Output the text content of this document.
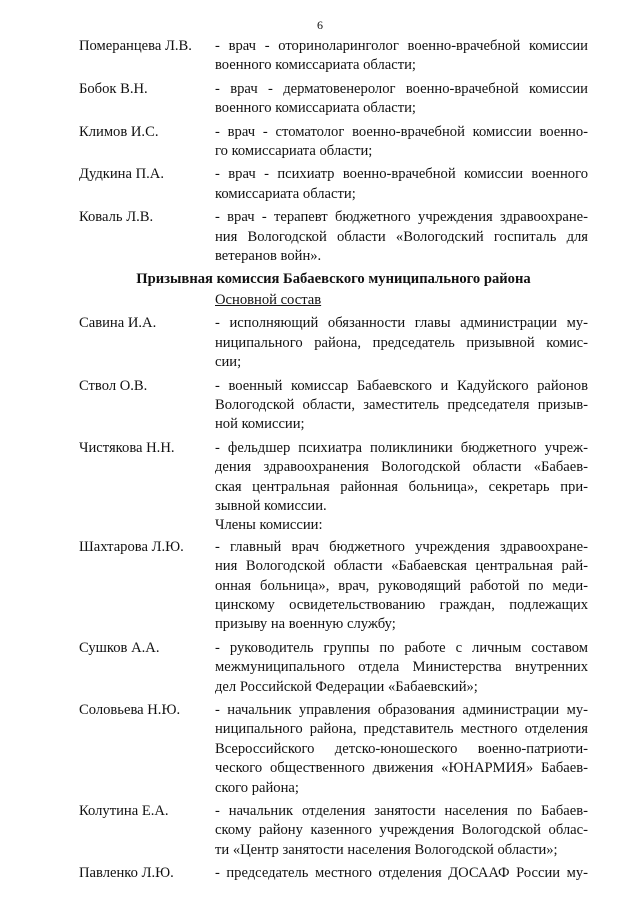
6
Померанцева Л.В.	- врач - оториноларинголог военно-врачебной комиссии

военного комиссариата области;

Бобок В.Н.	- врач - дерматовенеролог военно-врачебной комиссии

военного комиссариата области;

Климов И.С.	- врач - стоматолог военно-врачебной комиссии военно-

го комиссариата области;

Дудкина П.А.	- врач - психиатр военно-врачебной комиссии военного

комиссариата области;

Коваль Л.В.	- врач - терапевт бюджетного учреждения здравоохране-

ния Вологодской области «Вологодский госпиталь для

ветеранов войн».

Призывная комиссия Бабаевского муниципального района
Основной состав
Савина И.А.	- исполняющий обязанности главы администрации му-

ниципального района, председатель призывной комис-

сии;

Ствол О.В.	- военный комиссар Бабаевского и Кадуйского районов

Вологодской области, заместитель председателя призыв-

ной комиссии;

Чистякова Н.Н.	- фельдшер психиатра поликлиники бюджетного учреж-

дения здравоохранения Вологодской области «Бабаев-

ская центральная районная больница», секретарь при-

зывной комиссии.

Члены комиссии:
Шахтарова Л.Ю.	- главный врач бюджетного учреждения здравоохране-

ния Вологодской области «Бабаевская центральная рай-

онная больница», врач, руководящий работой по меди-

цинскому освидетельствованию граждан, подлежащих

призыву на военную службу;

Сушков А.А.	- руководитель группы по работе с личным составом

межмуниципального отдела Министерства внутренних

дел Российской Федерации «Бабаевский»;

Соловьева Н.Ю.	- начальник управления образования администрации му-

ниципального района, представитель местного отделения

Всероссийского детско-юношеского военно-патриоти-

ческого общественного движения «ЮНАРМИЯ» Бабаев-

ского района;

Колутина Е.А.	- начальник отделения занятости населения по Бабаев-

скому району казенного учреждения Вологодской облас-

ти «Центр занятости населения Вологодской области»;

Павленко Л.Ю.	- председатель местного отделения ДОСААФ России му-
